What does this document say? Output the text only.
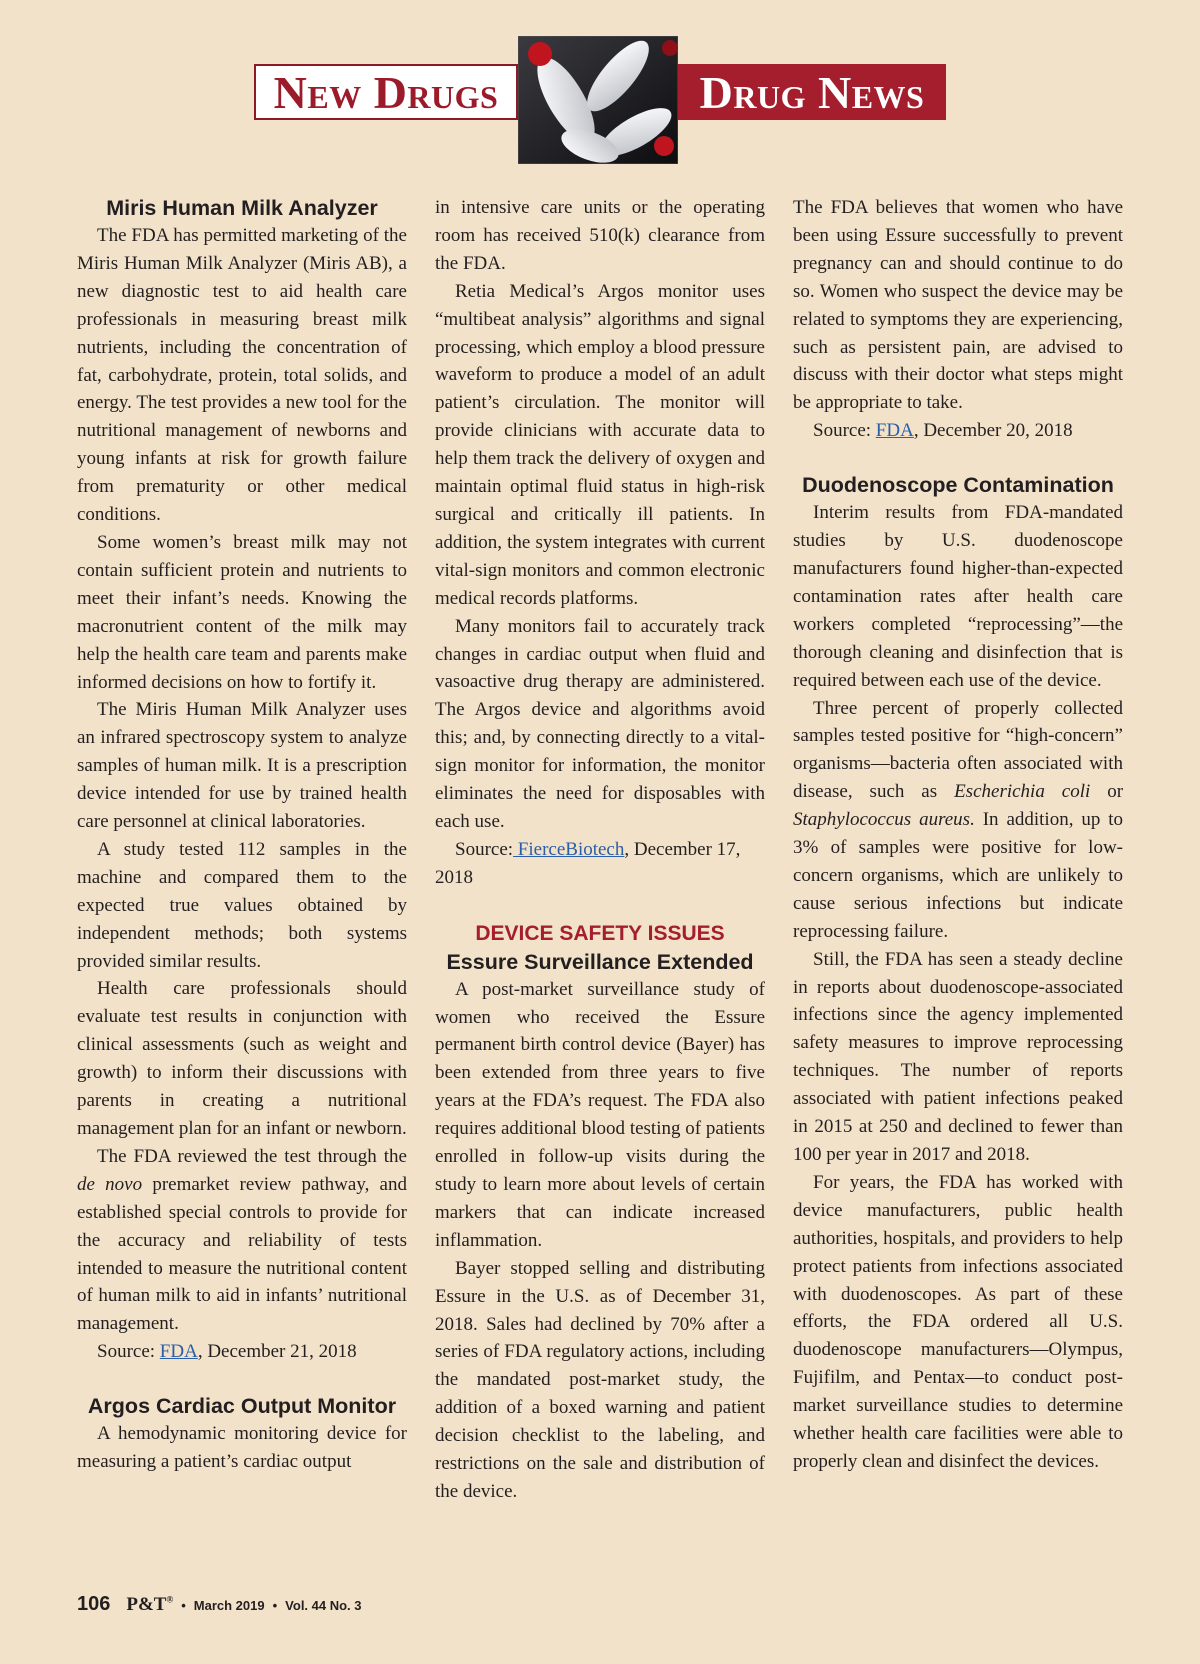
New Drugs	Drug News
Miris Human Milk Analyzer

The FDA has permitted marketing of the Miris Human Milk Analyzer (Miris AB), a new diagnostic test to aid health care professionals in measuring breast milk nutrients, including the concentration of fat, carbohydrate, protein, total solids, and energy. The test provides a new tool for the nutritional management of newborns and young infants at risk for growth failure from prematurity or other medical conditions.

Some women’s breast milk may not contain sufficient protein and nutrients to meet their infant’s needs. Knowing the macronutrient content of the milk may help the health care team and parents make informed decisions on how to fortify it.

The Miris Human Milk Analyzer uses an infrared spectroscopy system to analyze samples of human milk. It is a prescription device intended for use by trained health care personnel at clinical laboratories.

A study tested 112 samples in the machine and compared them to the expected true values obtained by independent methods; both systems provided similar results.

Health care professionals should evaluate test results in conjunction with clinical assessments (such as weight and growth) to inform their discussions with parents in creating a nutritional management plan for an infant or newborn.

The FDA reviewed the test through the de novo premarket review pathway, and established special controls to provide for the accuracy and reliability of tests intended to measure the nutritional content of human milk to aid in infants’ nutritional management.

Source: FDA, December 21, 2018

Argos Cardiac Output Monitor

A hemodynamic monitoring device for measuring a patient’s cardiac output

in intensive care units or the operating room has received 510(k) clearance from the FDA.

Retia Medical’s Argos monitor uses “multibeat analysis” algorithms and signal processing, which employ a blood pressure waveform to produce a model of an adult patient’s circulation. The monitor will provide clinicians with accurate data to help them track the delivery of oxygen and maintain optimal fluid status in high-risk surgical and critically ill patients. In addition, the system integrates with current vital-sign monitors and common electronic medical records platforms.

Many monitors fail to accurately track changes in cardiac output when fluid and vasoactive drug therapy are administered. The Argos device and algorithms avoid this; and, by connecting directly to a vital-sign monitor for information, the monitor eliminates the need for disposables with each use.

Source: FierceBiotech, December 17, 2018

DEVICE SAFETY ISSUES
Essure Surveillance Extended

A post-market surveillance study of women who received the Essure permanent birth control device (Bayer) has been extended from three years to five years at the FDA’s request. The FDA also requires additional blood testing of patients enrolled in follow-up visits during the study to learn more about levels of certain markers that can indicate increased inflammation.

Bayer stopped selling and distributing Essure in the U.S. as of December 31, 2018. Sales had declined by 70% after a series of FDA regulatory actions, including the mandated post-market study, the addition of a boxed warning and patient decision checklist to the labeling, and restrictions on the sale and distribution of the device.

The FDA believes that women who have been using Essure successfully to prevent pregnancy can and should continue to do so. Women who suspect the device may be related to symptoms they are experiencing, such as persistent pain, are advised to discuss with their doctor what steps might be appropriate to take.

Source: FDA, December 20, 2018

Duodenoscope Contamination

Interim results from FDA-mandated studies by U.S. duodenoscope manufacturers found higher-than-expected contamination rates after health care workers completed “reprocessing”—the thorough cleaning and disinfection that is required between each use of the device.

Three percent of properly collected samples tested positive for “high-concern” organisms—bacteria often associated with disease, such as Escherichia coli or Staphylococcus aureus. In addition, up to 3% of samples were positive for low-concern organisms, which are unlikely to cause serious infections but indicate reprocessing failure.

Still, the FDA has seen a steady decline in reports about duodenoscope-associated infections since the agency implemented safety measures to improve reprocessing techniques. The number of reports associated with patient infections peaked in 2015 at 250 and declined to fewer than 100 per year in 2017 and 2018.

For years, the FDA has worked with device manufacturers, public health authorities, hospitals, and providers to help protect patients from infections associated with duodenoscopes. As part of these efforts, the FDA ordered all U.S. duodenoscope manufacturers—Olympus, Fujifilm, and Pentax—to conduct post-market surveillance studies to determine whether health care facilities were able to properly clean and disinfect the devices.

106 P&T® • March 2019 • Vol. 44 No. 3
